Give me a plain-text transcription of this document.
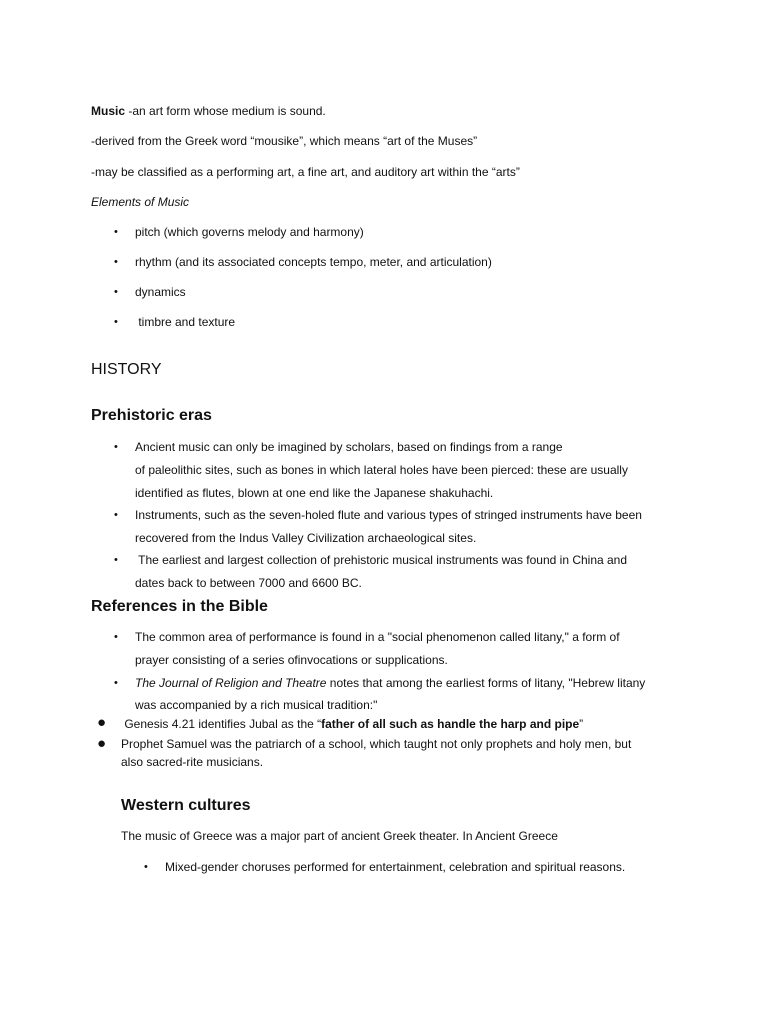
Music -an art form whose medium is sound.
-derived from the Greek word “mousike”, which means “art of the Muses”
-may be classified as a performing art, a fine art, and auditory art within the “arts”
Elements of Music
• pitch (which governs melody and harmony)
• rhythm (and its associated concepts tempo, meter, and articulation)
• dynamics
• timbre and texture
HISTORY
Prehistoric eras
• Ancient music can only be imagined by scholars, based on findings from a range
of paleolithic sites, such as bones in which lateral holes have been pierced: these are usually
identified as flutes, blown at one end like the Japanese shakuhachi.
• Instruments, such as the seven-holed flute and various types of stringed instruments have been
recovered from the Indus Valley Civilization archaeological sites.
• The earliest and largest collection of prehistoric musical instruments was found in China and
dates back to between 7000 and 6600 BC.
References in the Bible
• The common area of performance is found in a "social phenomenon called litany," a form of
prayer consisting of a series ofinvocations or supplications.
• The Journal of Religion and Theatre notes that among the earliest forms of litany, "Hebrew litany
was accompanied by a rich musical tradition:"
● Genesis 4.21 identifies Jubal as the “father of all such as handle the harp and pipe”
● Prophet Samuel was the patriarch of a school, which taught not only prophets and holy men, but
also sacred-rite musicians.
Western cultures
The music of Greece was a major part of ancient Greek theater. In Ancient Greece
• Mixed-gender choruses performed for entertainment, celebration and spiritual reasons.
